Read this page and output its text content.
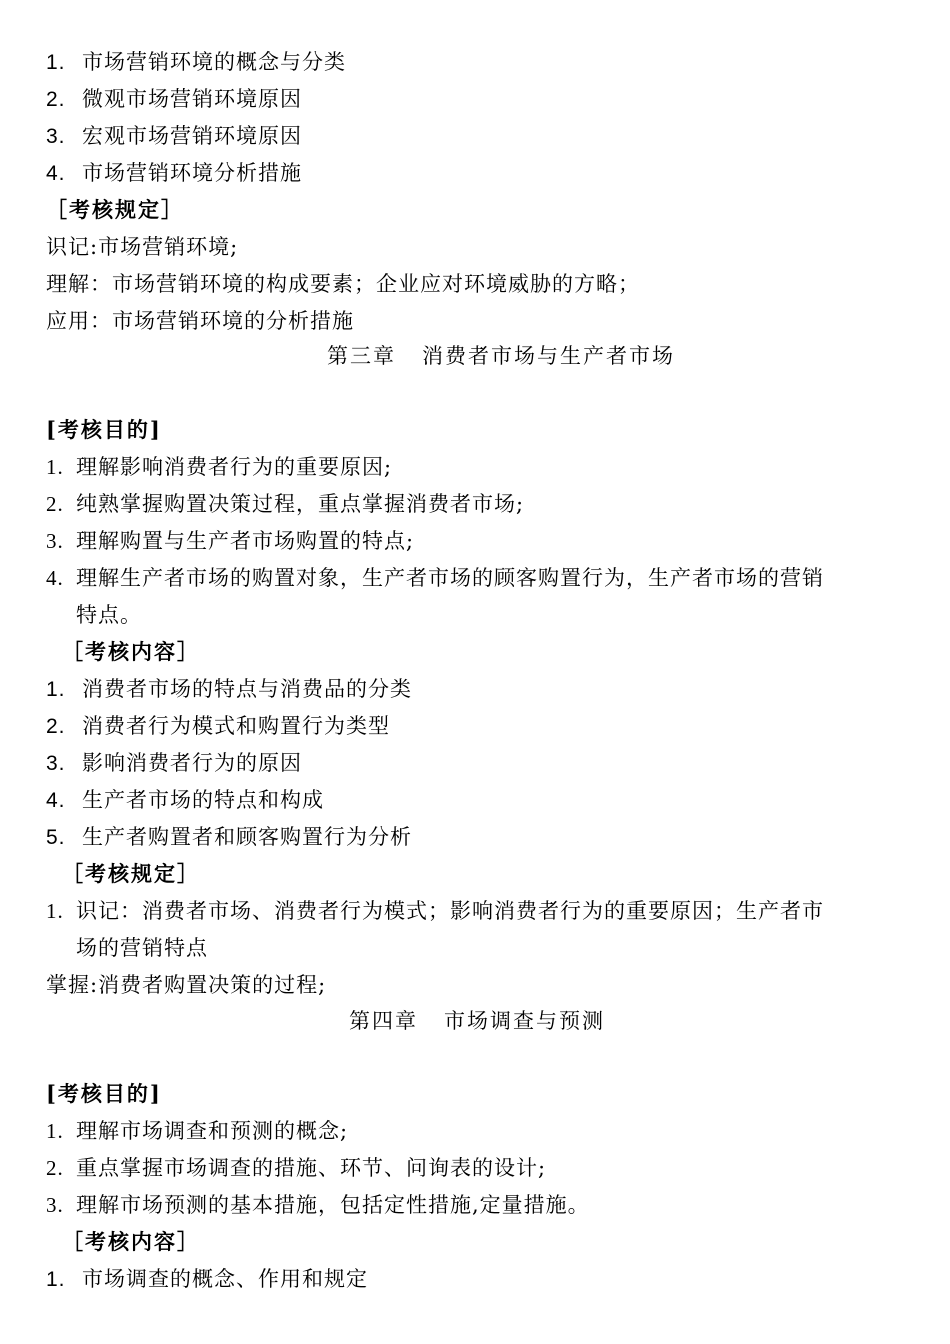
1. 市场营销环境的概念与分类
2. 微观市场营销环境原因
3. 宏观市场营销环境原因
4. 市场营销环境分析措施
［考核规定］
识记:市场营销环境;
理解：市场营销环境的构成要素；企业应对环境威胁的方略；
应用：市场营销环境的分析措施
第三章   消费者市场与生产者市场
[考核目的]
1. 理解影响消费者行为的重要原因;
2. 纯熟掌握购置决策过程，重点掌握消费者市场;
3. 理解购置与生产者市场购置的特点;
4. 理解生产者市场的购置对象，生产者市场的顾客购置行为，生产者市场的营销
特点。
［考核内容］
1. 消费者市场的特点与消费品的分类
2. 消费者行为模式和购置行为类型
3. 影响消费者行为的原因
4. 生产者市场的特点和构成
5. 生产者购置者和顾客购置行为分析
［考核规定］
1. 识记：消费者市场、消费者行为模式；影响消费者行为的重要原因；生产者市
场的营销特点
掌握:消费者购置决策的过程;
第四章   市场调查与预测
[考核目的]
1. 理解市场调查和预测的概念;
2. 重点掌握市场调查的措施、环节、问询表的设计;
3. 理解市场预测的基本措施，包括定性措施,定量措施。
［考核内容］
1. 市场调查的概念、作用和规定
